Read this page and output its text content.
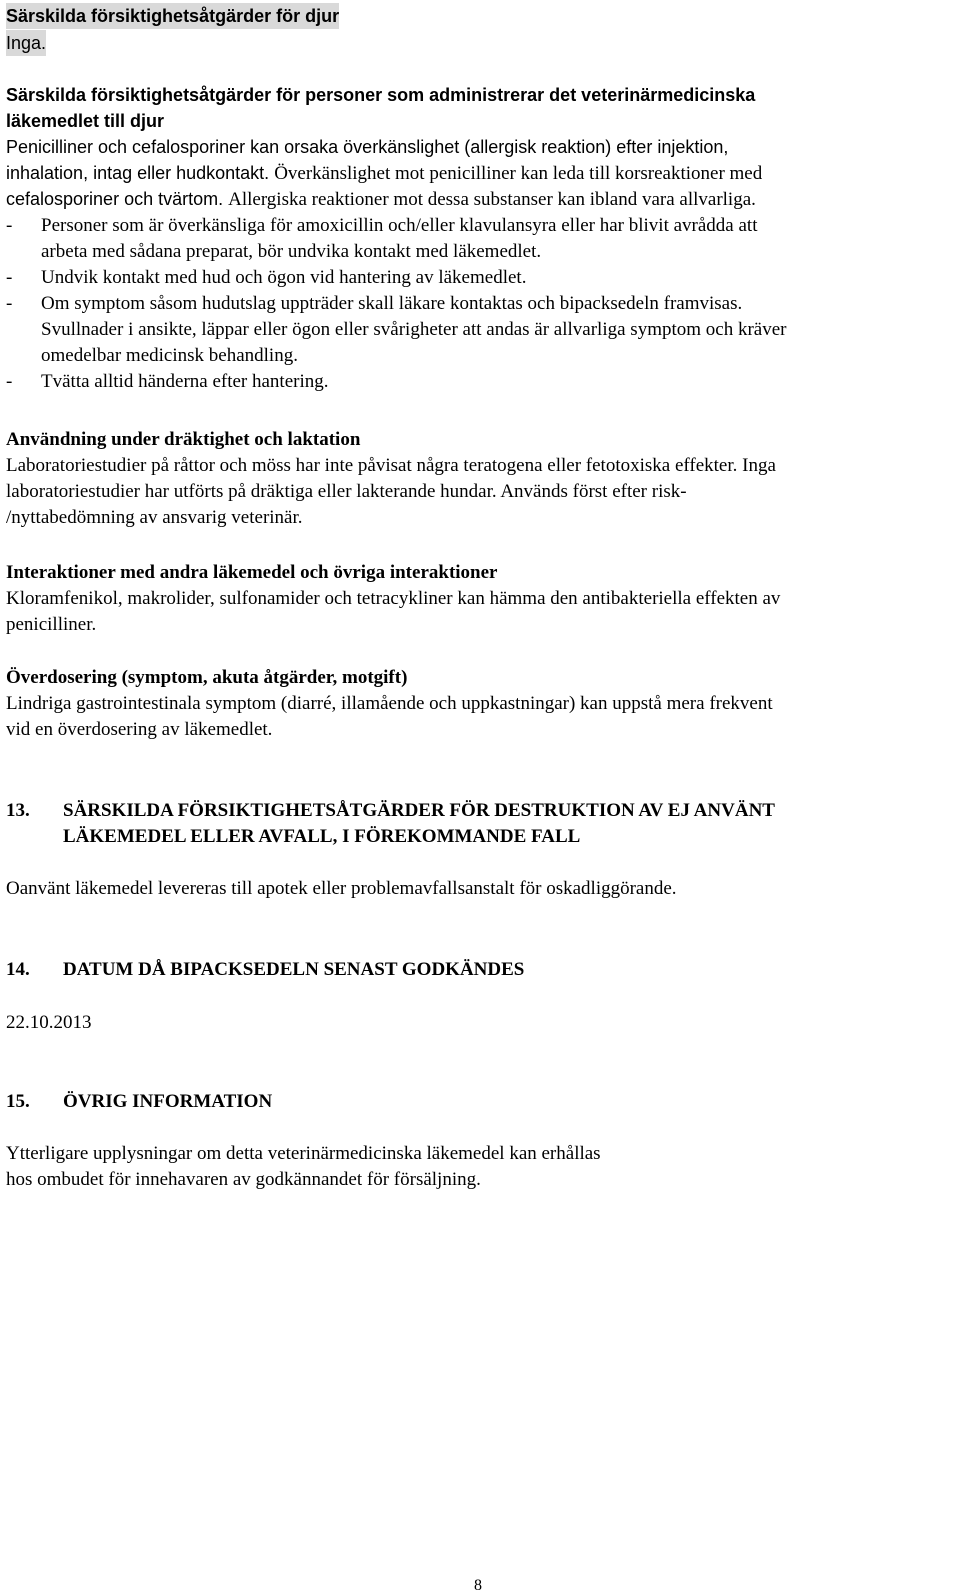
Särskilda försiktighetsåtgärder för djur
Inga.
Särskilda försiktighetsåtgärder för personer som administrerar det veterinärmedicinska
läkemedlet till djur
Penicilliner och cefalosporiner kan orsaka överkänslighet (allergisk reaktion) efter injektion,
inhalation, intag eller hudkontakt. Överkänslighet mot penicilliner kan leda till korsreaktioner med
cefalosporiner och tvärtom. Allergiska reaktioner mot dessa substanser kan ibland vara allvarliga.
- Personer som är överkänsliga för amoxicillin och/eller klavulansyra eller har blivit avrådda att
arbeta med sådana preparat, bör undvika kontakt med läkemedlet.
- Undvik kontakt med hud och ögon vid hantering av läkemedlet.
- Om symptom såsom hudutslag uppträder skall läkare kontaktas och bipacksedeln framvisas.
Svullnader i ansikte, läppar eller ögon eller svårigheter att andas är allvarliga symptom och kräver
omedelbar medicinsk behandling.
- Tvätta alltid händerna efter hantering.
Användning under dräktighet och laktation
Laboratoriestudier på råttor och möss har inte påvisat några teratogena eller fetotoxiska effekter. Inga
laboratoriestudier har utförts på dräktiga eller lakterande hundar. Används först efter risk-
/nyttabedömning av ansvarig veterinär.
Interaktioner med andra läkemedel och övriga interaktioner
Kloramfenikol, makrolider, sulfonamider och tetracykliner kan hämma den antibakteriella effekten av
penicilliner.
Överdosering (symptom, akuta åtgärder, motgift)
Lindriga gastrointestinala symptom (diarré, illamående och uppkastningar) kan uppstå mera frekvent
vid en överdosering av läkemedlet.
13. SÄRSKILDA FÖRSIKTIGHETSÅTGÄRDER FÖR DESTRUKTION AV EJ ANVÄNT
LÄKEMEDEL ELLER AVFALL, I FÖREKOMMANDE FALL
Oanvänt läkemedel levereras till apotek eller problemavfallsanstalt för oskadliggörande.
14. DATUM DÅ BIPACKSEDELN SENAST GODKÄNDES
22.10.2013
15. ÖVRIG INFORMATION
Ytterligare upplysningar om detta veterinärmedicinska läkemedel kan erhållas
hos ombudet för innehavaren av godkännandet för försäljning.
8
